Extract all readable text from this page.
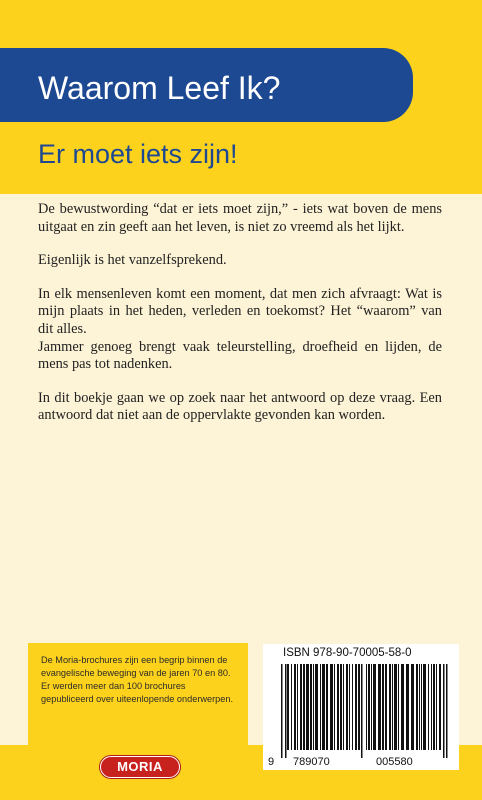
Waarom Leef Ik?
Er moet iets zijn!

De bewustwording “dat er iets moet zijn,” - iets wat boven de mens uitgaat en zin geeft aan het leven, is niet zo vreemd als het lijkt.

Eigenlijk is het vanzelfsprekend.

In elk mensenleven komt een moment, dat men zich afvraagt: Wat is mijn plaats in het heden, verleden en toekomst? Het “waarom” van dit alles.

Jammer genoeg brengt vaak teleurstelling, droefheid en lijden, de mens pas tot nadenken.

In dit boekje gaan we op zoek naar het antwoord op deze vraag. Een antwoord dat niet aan de oppervlakte gevonden kan worden.

De Moria-brochures zijn een begrip binnen de evangelische beweging van de jaren 70 en 80. Er werden meer dan 100 brochures gepubliceerd over uiteenlopende onderwerpen.
MORIA
ISBN 978-90-70005-58-0
9 789070	005580
